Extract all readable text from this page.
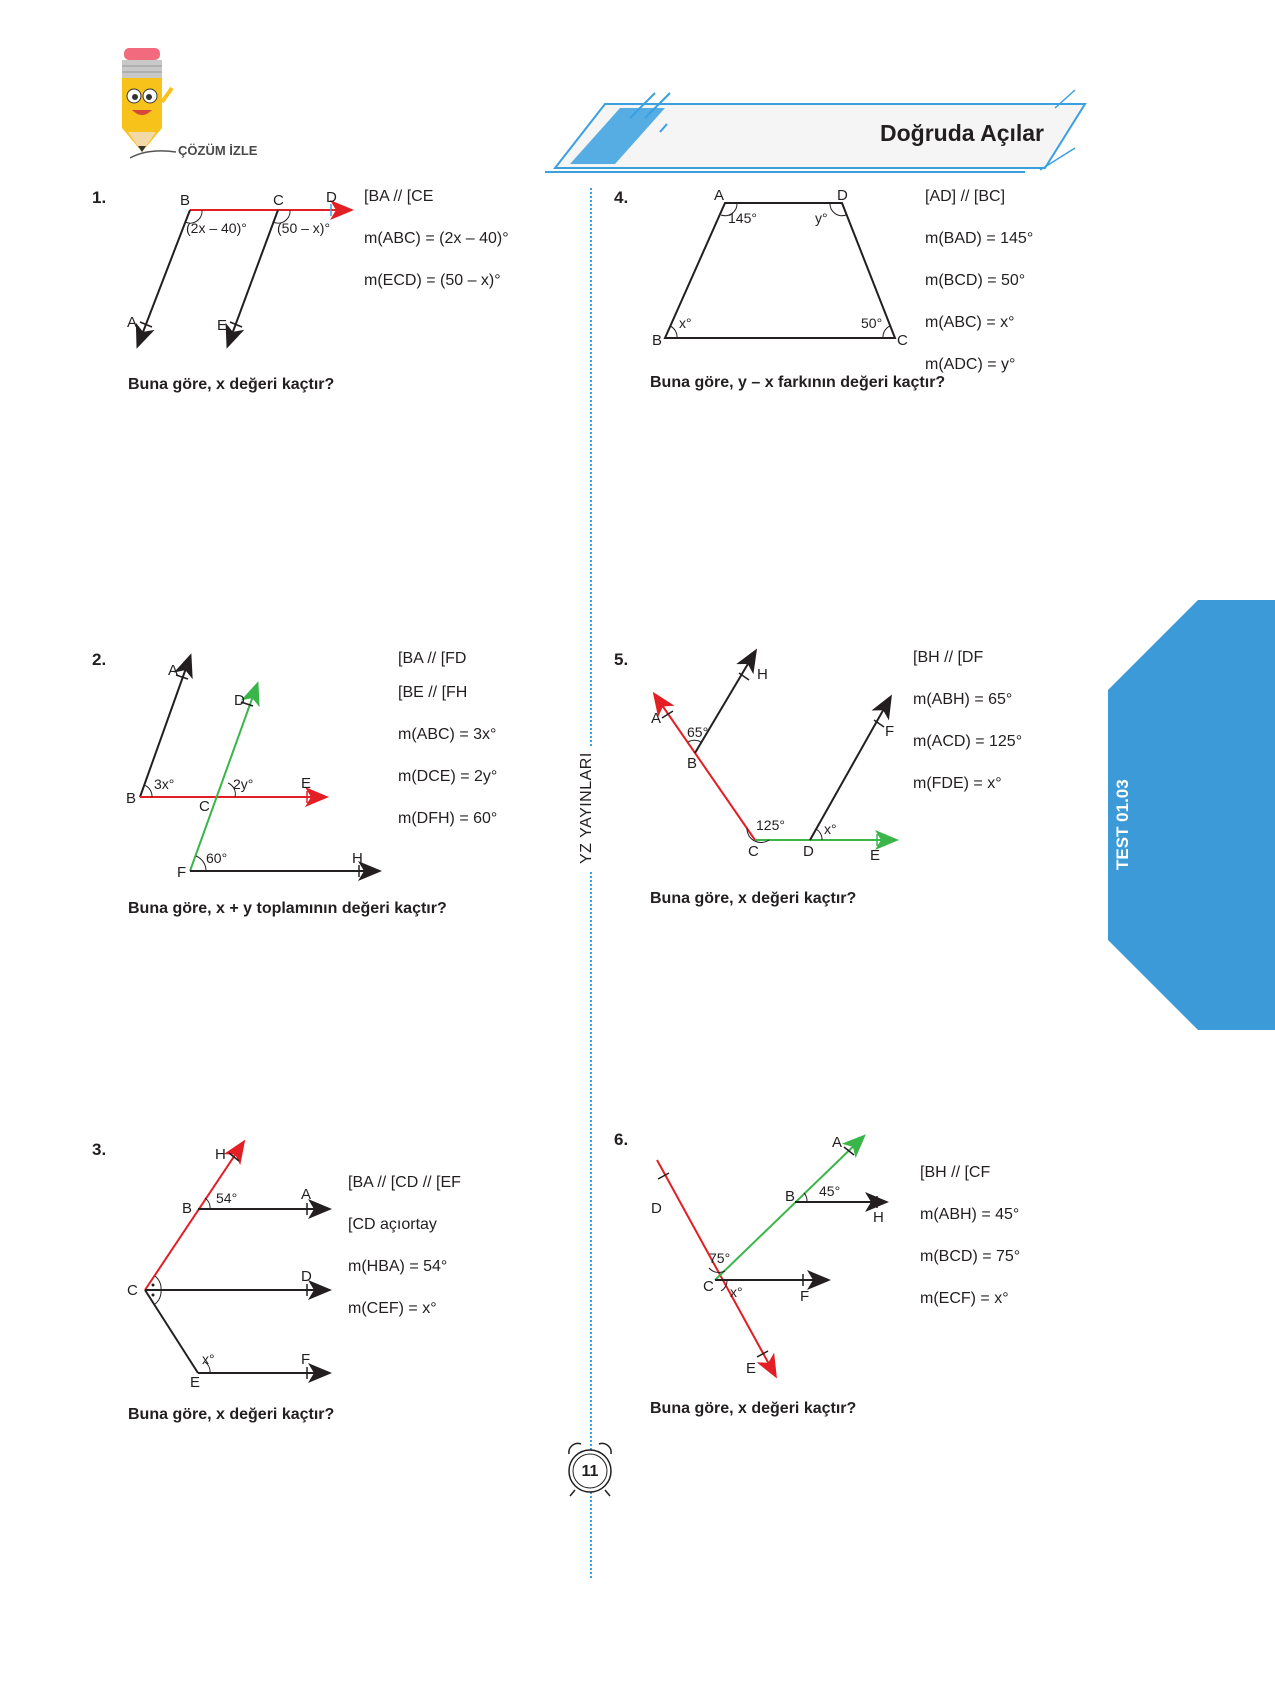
ÇÖZÜM İZLE
Doğruda Açılar
YZ YAYINLARI	TEST 01.03
1.	B	C	D
A	E
(2x – 40)° (50 – x)°
[BA // [CE
m(ABC) = (2x – 40)°
m(ECD) = (50 – x)°
Buna göre, x değeri kaçtır?
2.
A
B	C
D
E
F
H
3x°	2y°
60°
[BA // [FD
[BE // [FH
m(ABC) = 3x°
m(DCE) = 2y°
m(DFH) = 60°
Buna göre, x + y toplamının değeri kaçtır?
3.	H
B
A
C
D
E
F
54°
x°
[BA // [CD // [EF
[CD açıortay
m(HBA) = 54°
m(CEF) = x°
Buna göre, x değeri kaçtır?
4.	A	D
B	C
145°	y°
x°	50°
[AD] // [BC]
m(BAD) = 145°
m(BCD) = 50°
m(ABC) = x°
m(ADC) = y°
Buna göre, y – x farkının değeri kaçtır?
5.
A
H
B
C	D	E
F
65°
125°	x°
[BH // [DF
m(ABH) = 65°
m(ACD) = 125°
m(FDE) = x°
Buna göre, x değeri kaçtır?
6.	A
B
H
D
C
F
E
45°
75°
x°
[BH // [CF
m(ABH) = 45°
m(BCD) = 75°
m(ECF) = x°
Buna göre, x değeri kaçtır?
11
